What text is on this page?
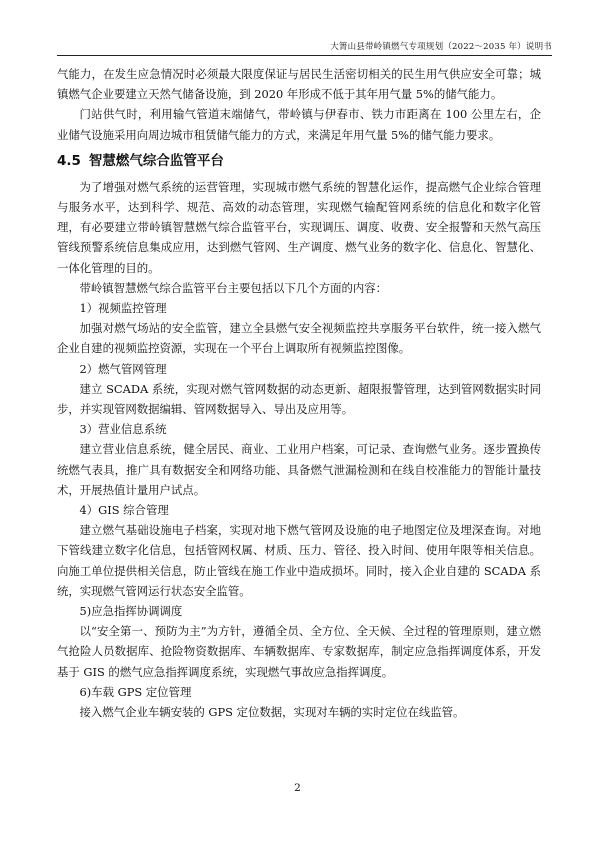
大箐山县带岭镇燃气专项规划（2022～2035 年）说明书

气能力，在发生应急情况时必须最大限度保证与居民生活密切相关的民生用气供应安全可靠；城镇燃气企业要建立天然气储备设施，到 2020 年形成不低于其年用气量 5%的储气能力。

门站供气时，利用输气管道末端储气，带岭镇与伊春市、铁力市距离在 100 公里左右，企业储气设施采用向周边城市租赁储气能力的方式，来满足年用气量 5%的储气能力要求。

4.5 智慧燃气综合监管平台

为了增强对燃气系统的运营管理，实现城市燃气系统的智慧化运作，提高燃气企业综合管理与服务水平，达到科学、规范、高效的动态管理，实现燃气输配管网系统的信息化和数字化管理，有必要建立带岭镇智慧燃气综合监管平台，实现调压、调度、收费、安全报警和天然气高压管线预警系统信息集成应用，达到燃气管网、生产调度、燃气业务的数字化、信息化、智慧化、一体化管理的目的。

带岭镇智慧燃气综合监管平台主要包括以下几个方面的内容：

1）视频监控管理

加强对燃气场站的安全监管，建立全县燃气安全视频监控共享服务平台软件，统一接入燃气企业自建的视频监控资源，实现在一个平台上调取所有视频监控图像。

2）燃气管网管理

建立 SCADA 系统，实现对燃气管网数据的动态更新、超限报警管理，达到管网数据实时同步，并实现管网数据编辑、管网数据导入、导出及应用等。

3）营业信息系统

建立营业信息系统，健全居民、商业、工业用户档案，可记录、查询燃气业务。逐步置换传统燃气表具，推广具有数据安全和网络功能、具备燃气泄漏检测和在线自校准能力的智能计量技术，开展热值计量用户试点。

4）GIS 综合管理

建立燃气基础设施电子档案，实现对地下燃气管网及设施的电子地图定位及埋深查询。对地下管线建立数字化信息，包括管网权属、材质、压力、管径、投入时间、使用年限等相关信息。向施工单位提供相关信息，防止管线在施工作业中造成损坏。同时，接入企业自建的 SCADA 系统，实现燃气管网运行状态安全监管。

5)应急指挥协调调度

以“安全第一、预防为主”为方针，遵循全员、全方位、全天候、全过程的管理原则，建立燃气抢险人员数据库、抢险物资数据库、车辆数据库、专家数据库，制定应急指挥调度体系，开发基于 GIS 的燃气应急指挥调度系统，实现燃气事故应急指挥调度。

6)车载 GPS 定位管理

接入燃气企业车辆安装的 GPS 定位数据，实现对车辆的实时定位在线监管。

2
